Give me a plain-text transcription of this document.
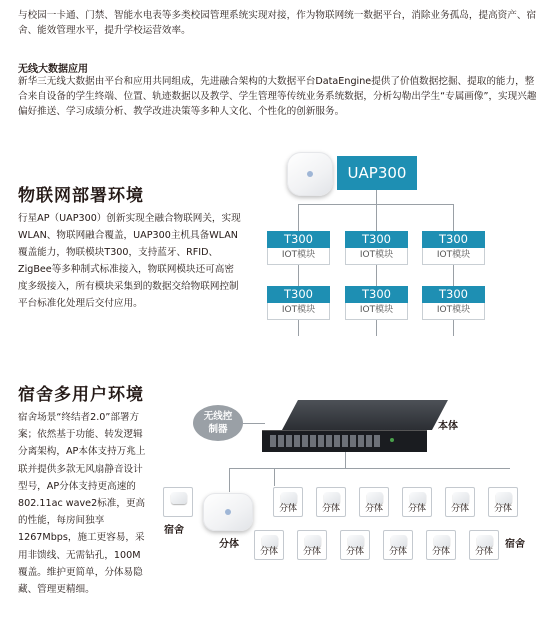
与校园一卡通、门禁、智能水电表等多类校园管理系统实现对接，作为物联网统一数据平台，消除业务孤岛，提高资产、宿舍、能效管理水平，提升学校运营效率。
无线大数据应用
新华三无线大数据由平台和应用共同组成，先进融合架构的大数据平台DataEngine提供了价值数据挖掘、提取的能力，整合来自设备的学生终端、位置、轨迹数据以及教学、学生管理等传统业务系统数据，分析勾勒出学生“专属画像”，实现兴趣偏好推送、学习成绩分析、教学改进决策等多种人文化、个性化的创新服务。
物联网部署环境
行星AP（UAP300）创新实现全融合物联网关，实现WLAN、物联网融合覆盖，UAP300主机具备WLAN覆盖能力，物联模块T300，支持蓝牙、RFID、ZigBee等多种制式标准接入，物联网模块还可高密度多级接入，所有模块采集到的数据交给物联网控制平台标准化处理后交付应用。
UAP300
T300
IOT模块
T300
IOT模块
T300
IOT模块
T300
IOT模块
T300
IOT模块
T300
IOT模块
宿舍多用户环境
宿舍场景“终结者2.0”部署方案；依然基于功能、转发逻辑分离架构，AP本体支持万兆上联并提供多款无风扇静音设计型号，AP分体支持更高速的802.11ac wave2标准，更高的性能，每房间独享1267Mbps，施工更容易，采用非馈线、无需钻孔，100M覆盖。维护更简单，分体易隐藏、管理更精细。
无线控制器	本体
分体
宿舍
分体	分体	分体	分体	分体	分体
分体	分体	分体	分体	分体	分体
宿舍
